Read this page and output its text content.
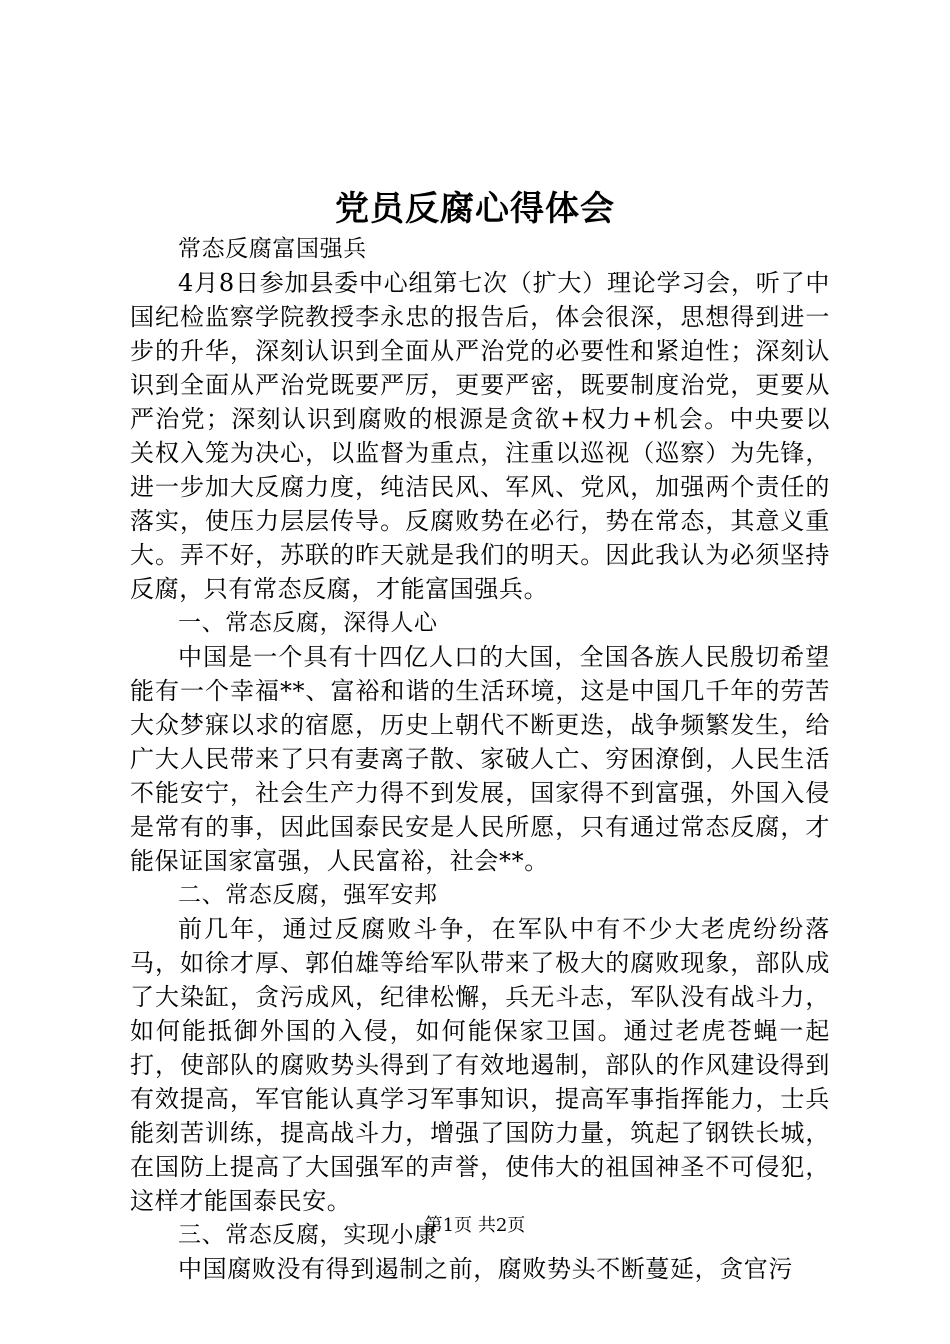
党员反腐心得体会

常态反腐富国强兵

4月8日参加县委中心组第七次（扩大）理论学习会，听了中国纪检监察学院教授李永忠的报告后，体会很深，思想得到进一步的升华，深刻认识到全面从严治党的必要性和紧迫性；深刻认识到全面从严治党既要严厉，更要严密，既要制度治党，更要从严治党；深刻认识到腐败的根源是贪欲+权力+机会。中央要以关权入笼为决心，以监督为重点，注重以巡视（巡察）为先锋，进一步加大反腐力度，纯洁民风、军风、党风，加强两个责任的落实，使压力层层传导。反腐败势在必行，势在常态，其意义重大。弄不好，苏联的昨天就是我们的明天。因此我认为必须坚持反腐，只有常态反腐，才能富国强兵。

一、常态反腐，深得人心

中国是一个具有十四亿人口的大国，全国各族人民殷切希望能有一个幸福**、富裕和谐的生活环境，这是中国几千年的劳苦大众梦寐以求的宿愿，历史上朝代不断更迭，战争频繁发生，给广大人民带来了只有妻离子散、家破人亡、穷困潦倒，人民生活不能安宁，社会生产力得不到发展，国家得不到富强，外国入侵是常有的事，因此国泰民安是人民所愿，只有通过常态反腐，才能保证国家富强，人民富裕，社会**。

二、常态反腐，强军安邦

前几年，通过反腐败斗争，在军队中有不少大老虎纷纷落马，如徐才厚、郭伯雄等给军队带来了极大的腐败现象，部队成了大染缸，贪污成风，纪律松懈，兵无斗志，军队没有战斗力，如何能抵御外国的入侵，如何能保家卫国。通过老虎苍蝇一起打，使部队的腐败势头得到了有效地遏制，部队的作风建设得到有效提高，军官能认真学习军事知识，提高军事指挥能力，士兵能刻苦训练，提高战斗力，增强了国防力量，筑起了钢铁长城，在国防上提高了大国强军的声誉，使伟大的祖国神圣不可侵犯，这样才能国泰民安。

三、常态反腐，实现小康

中国腐败没有得到遏制之前，腐败势头不断蔓延，贪官污

第1页 共2页
